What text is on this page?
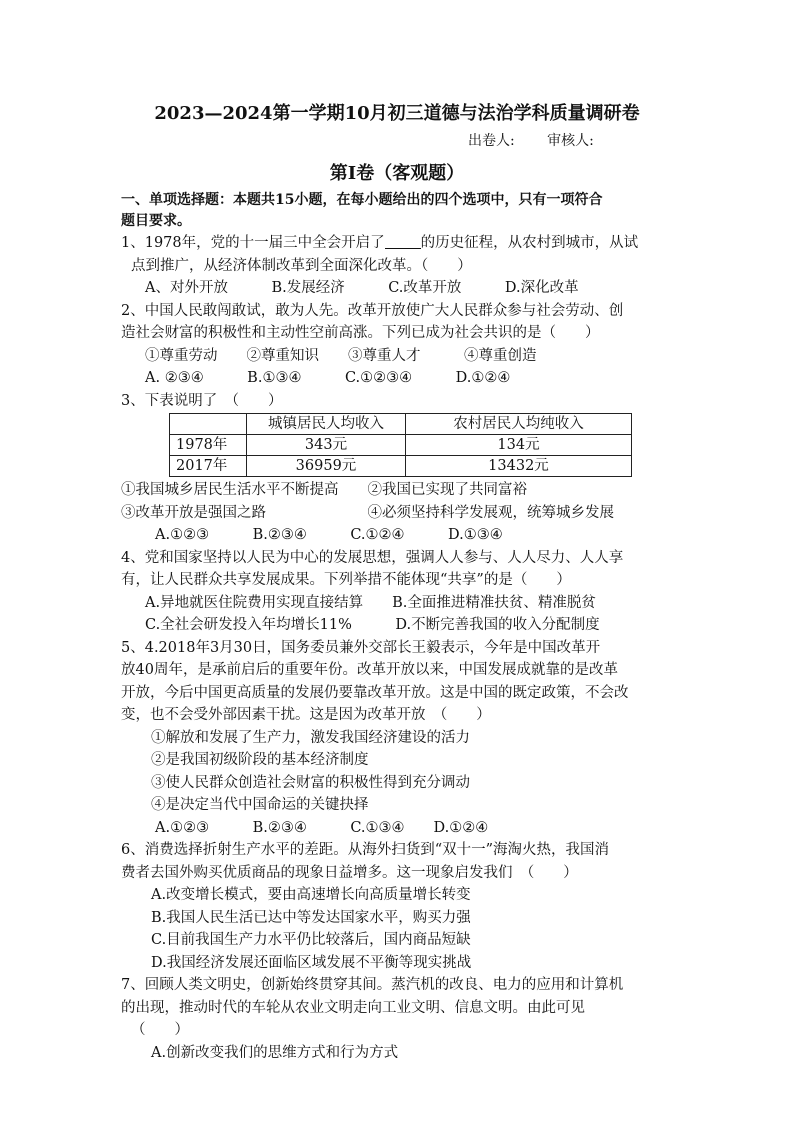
2023—2024第一学期10月初三道德与法治学科质量调研卷
出卷人: 审核人:
第Ⅰ卷（客观题）

一、单项选择题：本题共15小题，在每小题给出的四个选项中，只有一项符合

题目要求。

1、1978年，党的十一届三中全会开启了 的历史征程，从农村到城市，从试

点到推广，从经济体制改革到全面深化改革。（　　）

A、对外开放　　　B.发展经济　　　C.改革开放　　　D.深化改革

2、中国人民敢闯敢试，敢为人先。改革开放使广大人民群众参与社会劳动、创

造社会财富的积极性和主动性空前高涨。下列已成为社会共识的是（　　）

①尊重劳动　　②尊重知识　　③尊重人才　　　④尊重创造

A. ②③④　　　B.①③④　　　C.①②③④　　　D.①②④

3、下表说明了　（　　）

	城镇居民人均收入	农村居民人均纯收入
1978年	343元	134元
2017年	36959元	13432元

①我国城乡居民生活水平不断提高　　②我国已实现了共同富裕

③改革开放是强国之路　　　　　　　④必须坚持科学发展观，统筹城乡发展

A.①②③　　　B.②③④　　　C.①②④　　　D.①③④

4、党和国家坚持以人民为中心的发展思想，强调人人参与、人人尽力、人人享

有，让人民群众共享发展成果。下列举措不能体现“共享”的是（　　）

A.异地就医住院费用实现直接结算　　B.全面推进精准扶贫、精准脱贫

C.全社会研发投入年均增长11%　　　D.不断完善我国的收入分配制度

5、4.2018年3月30日，国务委员兼外交部长王毅表示，今年是中国改革开

放40周年，是承前启后的重要年份。改革开放以来，中国发展成就靠的是改革

开放，今后中国更高质量的发展仍要靠改革开放。这是中国的既定政策，不会改

变，也不会受外部因素干扰。这是因为改革开放　（　　）

①解放和发展了生产力，激发我国经济建设的活力

②是我国初级阶段的基本经济制度

③使人民群众创造社会财富的积极性得到充分调动

④是决定当代中国命运的关键抉择

A.①②③　　　B.②③④　　　C.①③④　　D.①②④

6、消费选择折射生产水平的差距。从海外扫货到“双十一”海淘火热，我国消

费者去国外购买优质商品的现象日益增多。这一现象启发我们　（　　）

A.改变增长模式，要由高速增长向高质量增长转变

B.我国人民生活已达中等发达国家水平，购买力强

C.目前我国生产力水平仍比较落后，国内商品短缺

D.我国经济发展还面临区域发展不平衡等现实挑战

7、回顾人类文明史，创新始终贯穿其间。蒸汽机的改良、电力的应用和计算机

的出现，推动时代的车轮从农业文明走向工业文明、信息文明。由此可见

（　　）

A.创新改变我们的思维方式和行为方式
